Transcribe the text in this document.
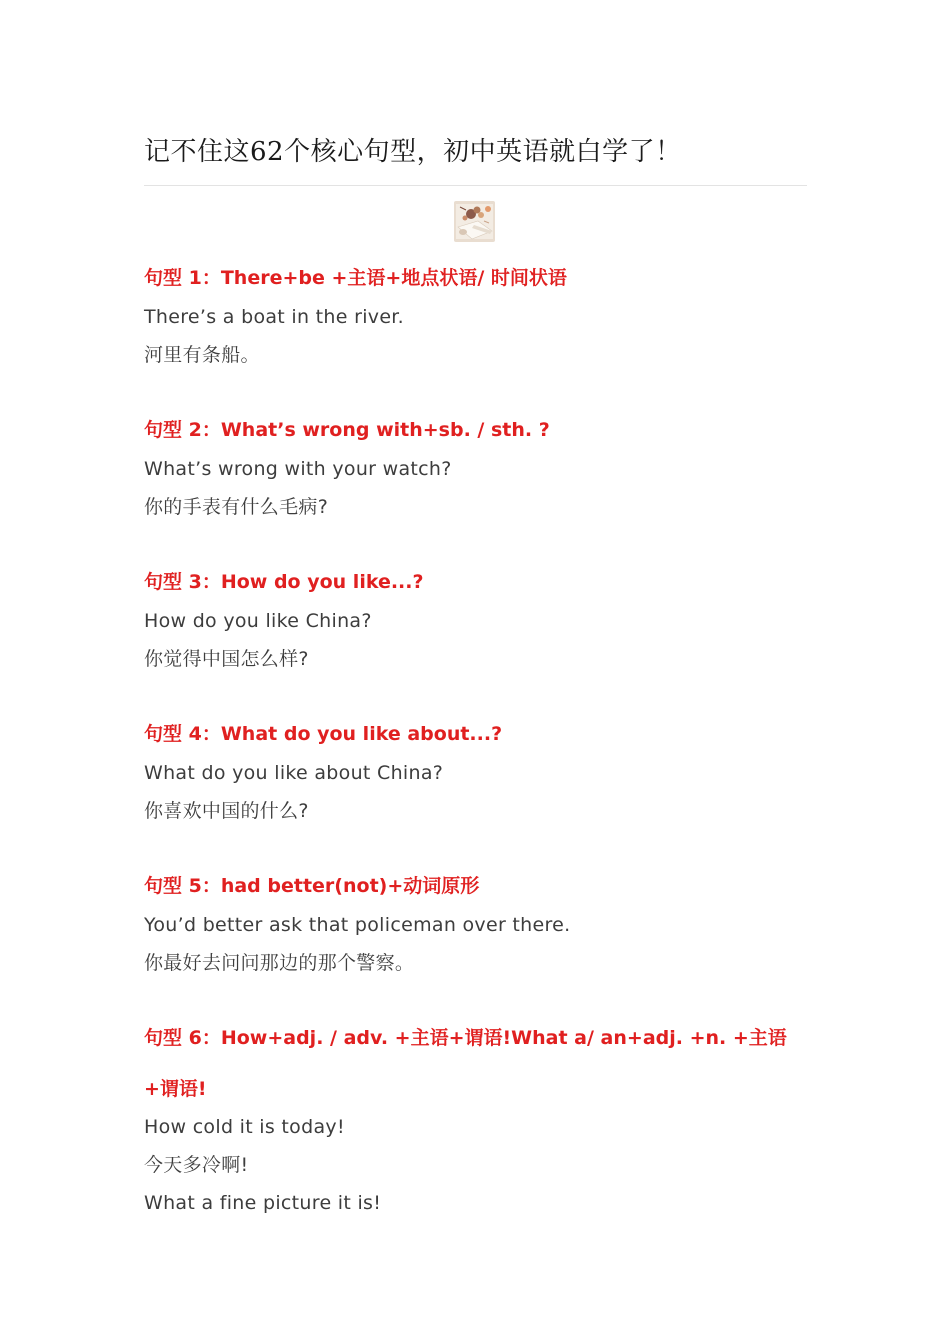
记不住这62个核心句型，初中英语就白学了！
句型 1：There+be +主语+地点状语/ 时间状语
There’s a boat in the river.
河里有条船。
句型 2：What’s wrong with+sb. / sth. ?
What’s wrong with your watch?
你的手表有什么毛病?
句型 3：How do you like...?
How do you like China?
你觉得中国怎么样?
句型 4：What do you like about...?
What do you like about China?
你喜欢中国的什么?
句型 5：had better(not)+动词原形
You’d better ask that policeman over there.
你最好去问问那边的那个警察。
句型 6：How+adj. / adv. +主语+谓语!What a/ an+adj. +n. +主语+谓语!
How cold it is today!
今天多冷啊!
What a fine picture it is!
